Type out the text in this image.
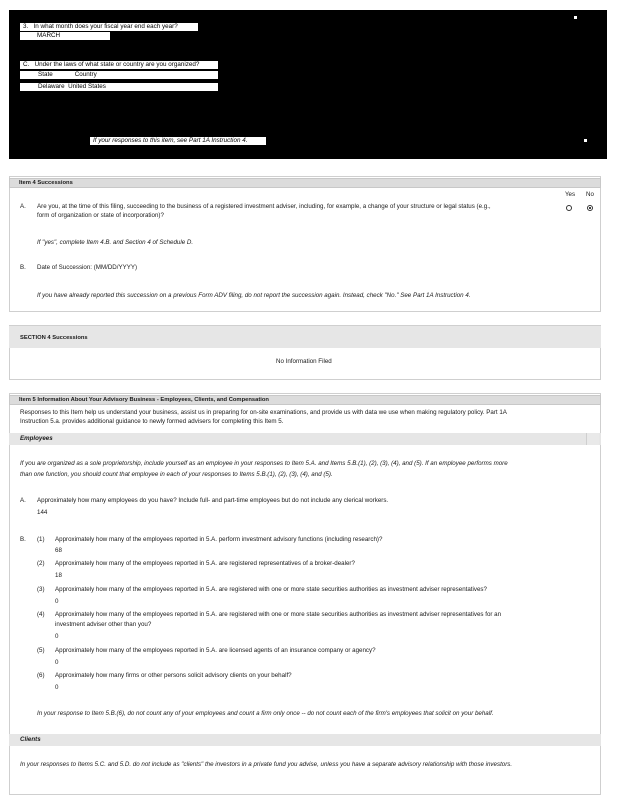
3. In what month does your fiscal year end each year?
MARCH
C. Under the laws of what state or country are you organized?
State	Country
Delaware United States
If your responses to this item, see Part 1A Instruction 4.
Item 4 Successions
Yes No
A. Are you, at the time of this filing, succeeding to the business of a registered investment adviser, including, for example, a change of your structure or legal status (e.g.,
form of organization or state of incorporation)?
If "yes", complete Item 4.B. and Section 4 of Schedule D.
B. Date of Succession: (MM/DD/YYYY)
If you have already reported this succession on a previous Form ADV filing, do not report the succession again. Instead, check "No." See Part 1A Instruction 4.
SECTION 4 Successions
No Information Filed
Item 5 Information About Your Advisory Business - Employees, Clients, and Compensation
Responses to this Item help us understand your business, assist us in preparing for on-site examinations, and provide us with data we use when making regulatory policy. Part 1A
Instruction 5.a. provides additional guidance to newly formed advisers for completing this Item 5.
Employees
If you are organized as a sole proprietorship, include yourself as an employee in your responses to Item 5.A. and Items 5.B.(1), (2), (3), (4), and (5). If an employee performs more
than one function, you should count that employee in each of your responses to Items 5.B.(1), (2), (3), (4), and (5).
A. Approximately how many employees do you have? Include full- and part-time employees but do not include any clerical workers.
144
B. (1) Approximately how many of the employees reported in 5.A. perform investment advisory functions (including research)?
68
(2) Approximately how many of the employees reported in 5.A. are registered representatives of a broker-dealer?
18
(3) Approximately how many of the employees reported in 5.A. are registered with one or more state securities authorities as investment adviser representatives?
0
(4) Approximately how many of the employees reported in 5.A. are registered with one or more state securities authorities as investment adviser representatives for an
investment adviser other than you?
0
(5) Approximately how many of the employees reported in 5.A. are licensed agents of an insurance company or agency?
0
(6) Approximately how many firms or other persons solicit advisory clients on your behalf?
0
In your response to Item 5.B.(6), do not count any of your employees and count a firm only once -- do not count each of the firm's employees that solicit on your behalf.
Clients
In your responses to Items 5.C. and 5.D. do not include as "clients" the investors in a private fund you advise, unless you have a separate advisory relationship with those investors.
